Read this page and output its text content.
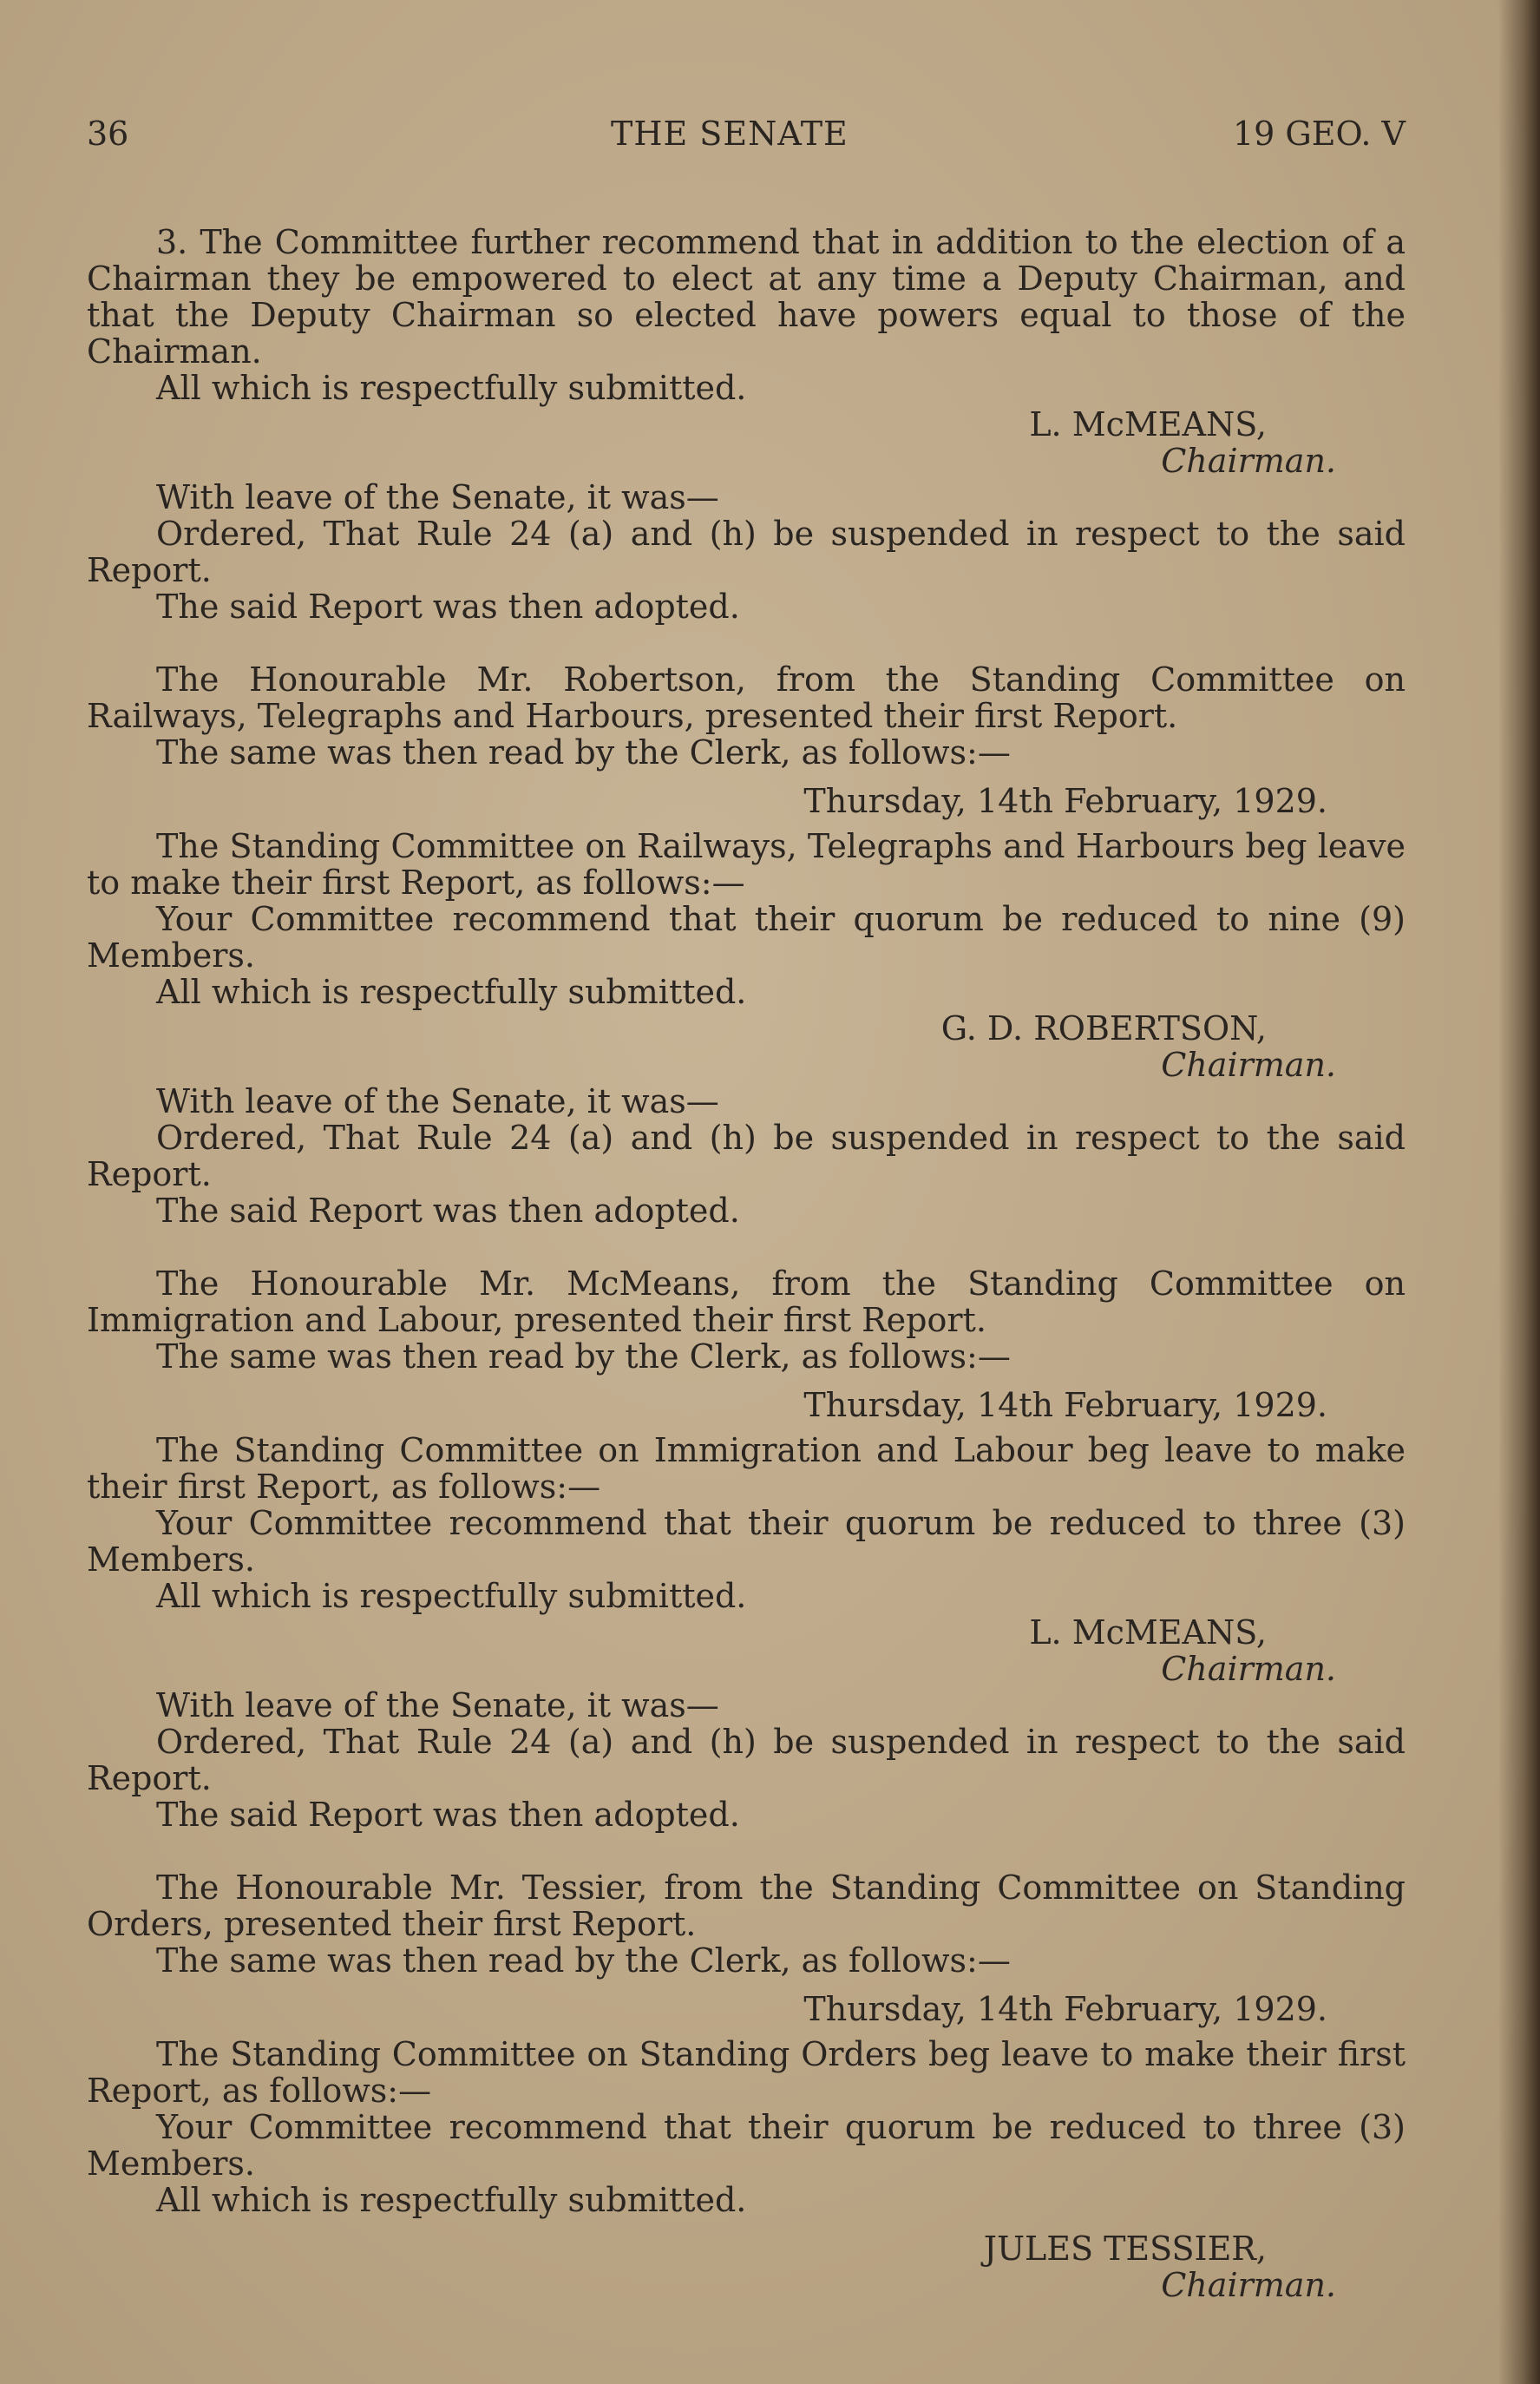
36	THE SENATE	19 GEO. V

3. The Committee further recommend that in addition to the election of a Chairman they be empowered to elect at any time a Deputy Chairman, and that the Deputy Chairman so elected have powers equal to those of the Chairman.

All which is respectfully submitted.

L. McMEANS,

Chairman.

With leave of the Senate, it was—

Ordered, That Rule 24 (a) and (h) be suspended in respect to the said Report.

The said Report was then adopted.

The Honourable Mr. Robertson, from the Standing Committee on Railways, Telegraphs and Harbours, presented their first Report.

The same was then read by the Clerk, as follows:—

Thursday, 14th February, 1929.

The Standing Committee on Railways, Telegraphs and Harbours beg leave to make their first Report, as follows:—

Your Committee recommend that their quorum be reduced to nine (9) Members.

All which is respectfully submitted.

G. D. ROBERTSON,

Chairman.

With leave of the Senate, it was—

Ordered, That Rule 24 (a) and (h) be suspended in respect to the said Report.

The said Report was then adopted.

The Honourable Mr. McMeans, from the Standing Committee on Immigration and Labour, presented their first Report.

The same was then read by the Clerk, as follows:—

Thursday, 14th February, 1929.

The Standing Committee on Immigration and Labour beg leave to make their first Report, as follows:—

Your Committee recommend that their quorum be reduced to three (3) Members.

All which is respectfully submitted.

L. McMEANS,

Chairman.

With leave of the Senate, it was—

Ordered, That Rule 24 (a) and (h) be suspended in respect to the said Report.

The said Report was then adopted.

The Honourable Mr. Tessier, from the Standing Committee on Standing Orders, presented their first Report.

The same was then read by the Clerk, as follows:—

Thursday, 14th February, 1929.

The Standing Committee on Standing Orders beg leave to make their first Report, as follows:—

Your Committee recommend that their quorum be reduced to three (3) Members.

All which is respectfully submitted.

JULES TESSIER,

Chairman.
